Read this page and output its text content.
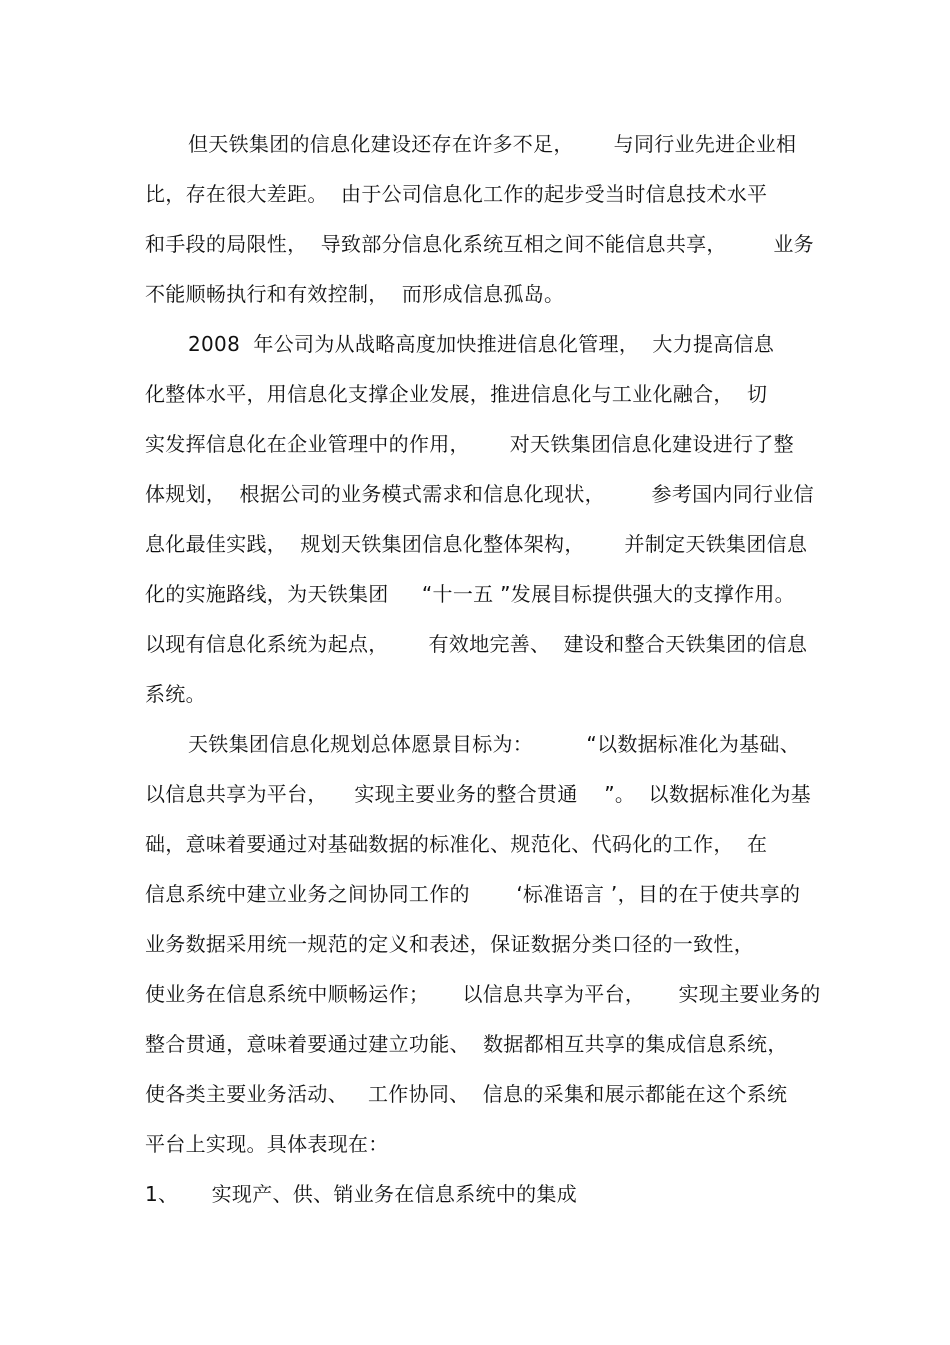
但天铁集团的信息化建设还存在许多不足，      与同行业先进企业相
比，存在很大差距。  由于公司信息化工作的起步受当时信息技术水平
和手段的局限性，  导致部分信息化系统互相之间不能信息共享，       业务
不能顺畅执行和有效控制，  而形成信息孤岛。
2008  年公司为从战略高度加快推进信息化管理，  大力提高信息
化整体水平，用信息化支撑企业发展，推进信息化与工业化融合，  切
实发挥信息化在企业管理中的作用，      对天铁集团信息化建设进行了整
体规划，  根据公司的业务模式需求和信息化现状，       参考国内同行业信
息化最佳实践，  规划天铁集团信息化整体架构，      并制定天铁集团信息
化的实施路线，为天铁集团     “十一五 ”发展目标提供强大的支撑作用。
以现有信息化系统为起点，      有效地完善、  建设和整合天铁集团的信息
系统。
天铁集团信息化规划总体愿景目标为：        “以数据标准化为基础、
以信息共享为平台，    实现主要业务的整合贯通    ”。  以数据标准化为基
础，意味着要通过对基础数据的标准化、规范化、代码化的工作，  在
信息系统中建立业务之间协同工作的       ‘标准语言 ’，目的在于使共享的
业务数据采用统一规范的定义和表述，保证数据分类口径的一致性，
使业务在信息系统中顺畅运作；     以信息共享为平台，     实现主要业务的
整合贯通，意味着要通过建立功能、  数据都相互共享的集成信息系统，
使各类主要业务活动、   工作协同、  信息的采集和展示都能在这个系统
平台上实现。具体表现在：
1、     实现产、供、销业务在信息系统中的集成
